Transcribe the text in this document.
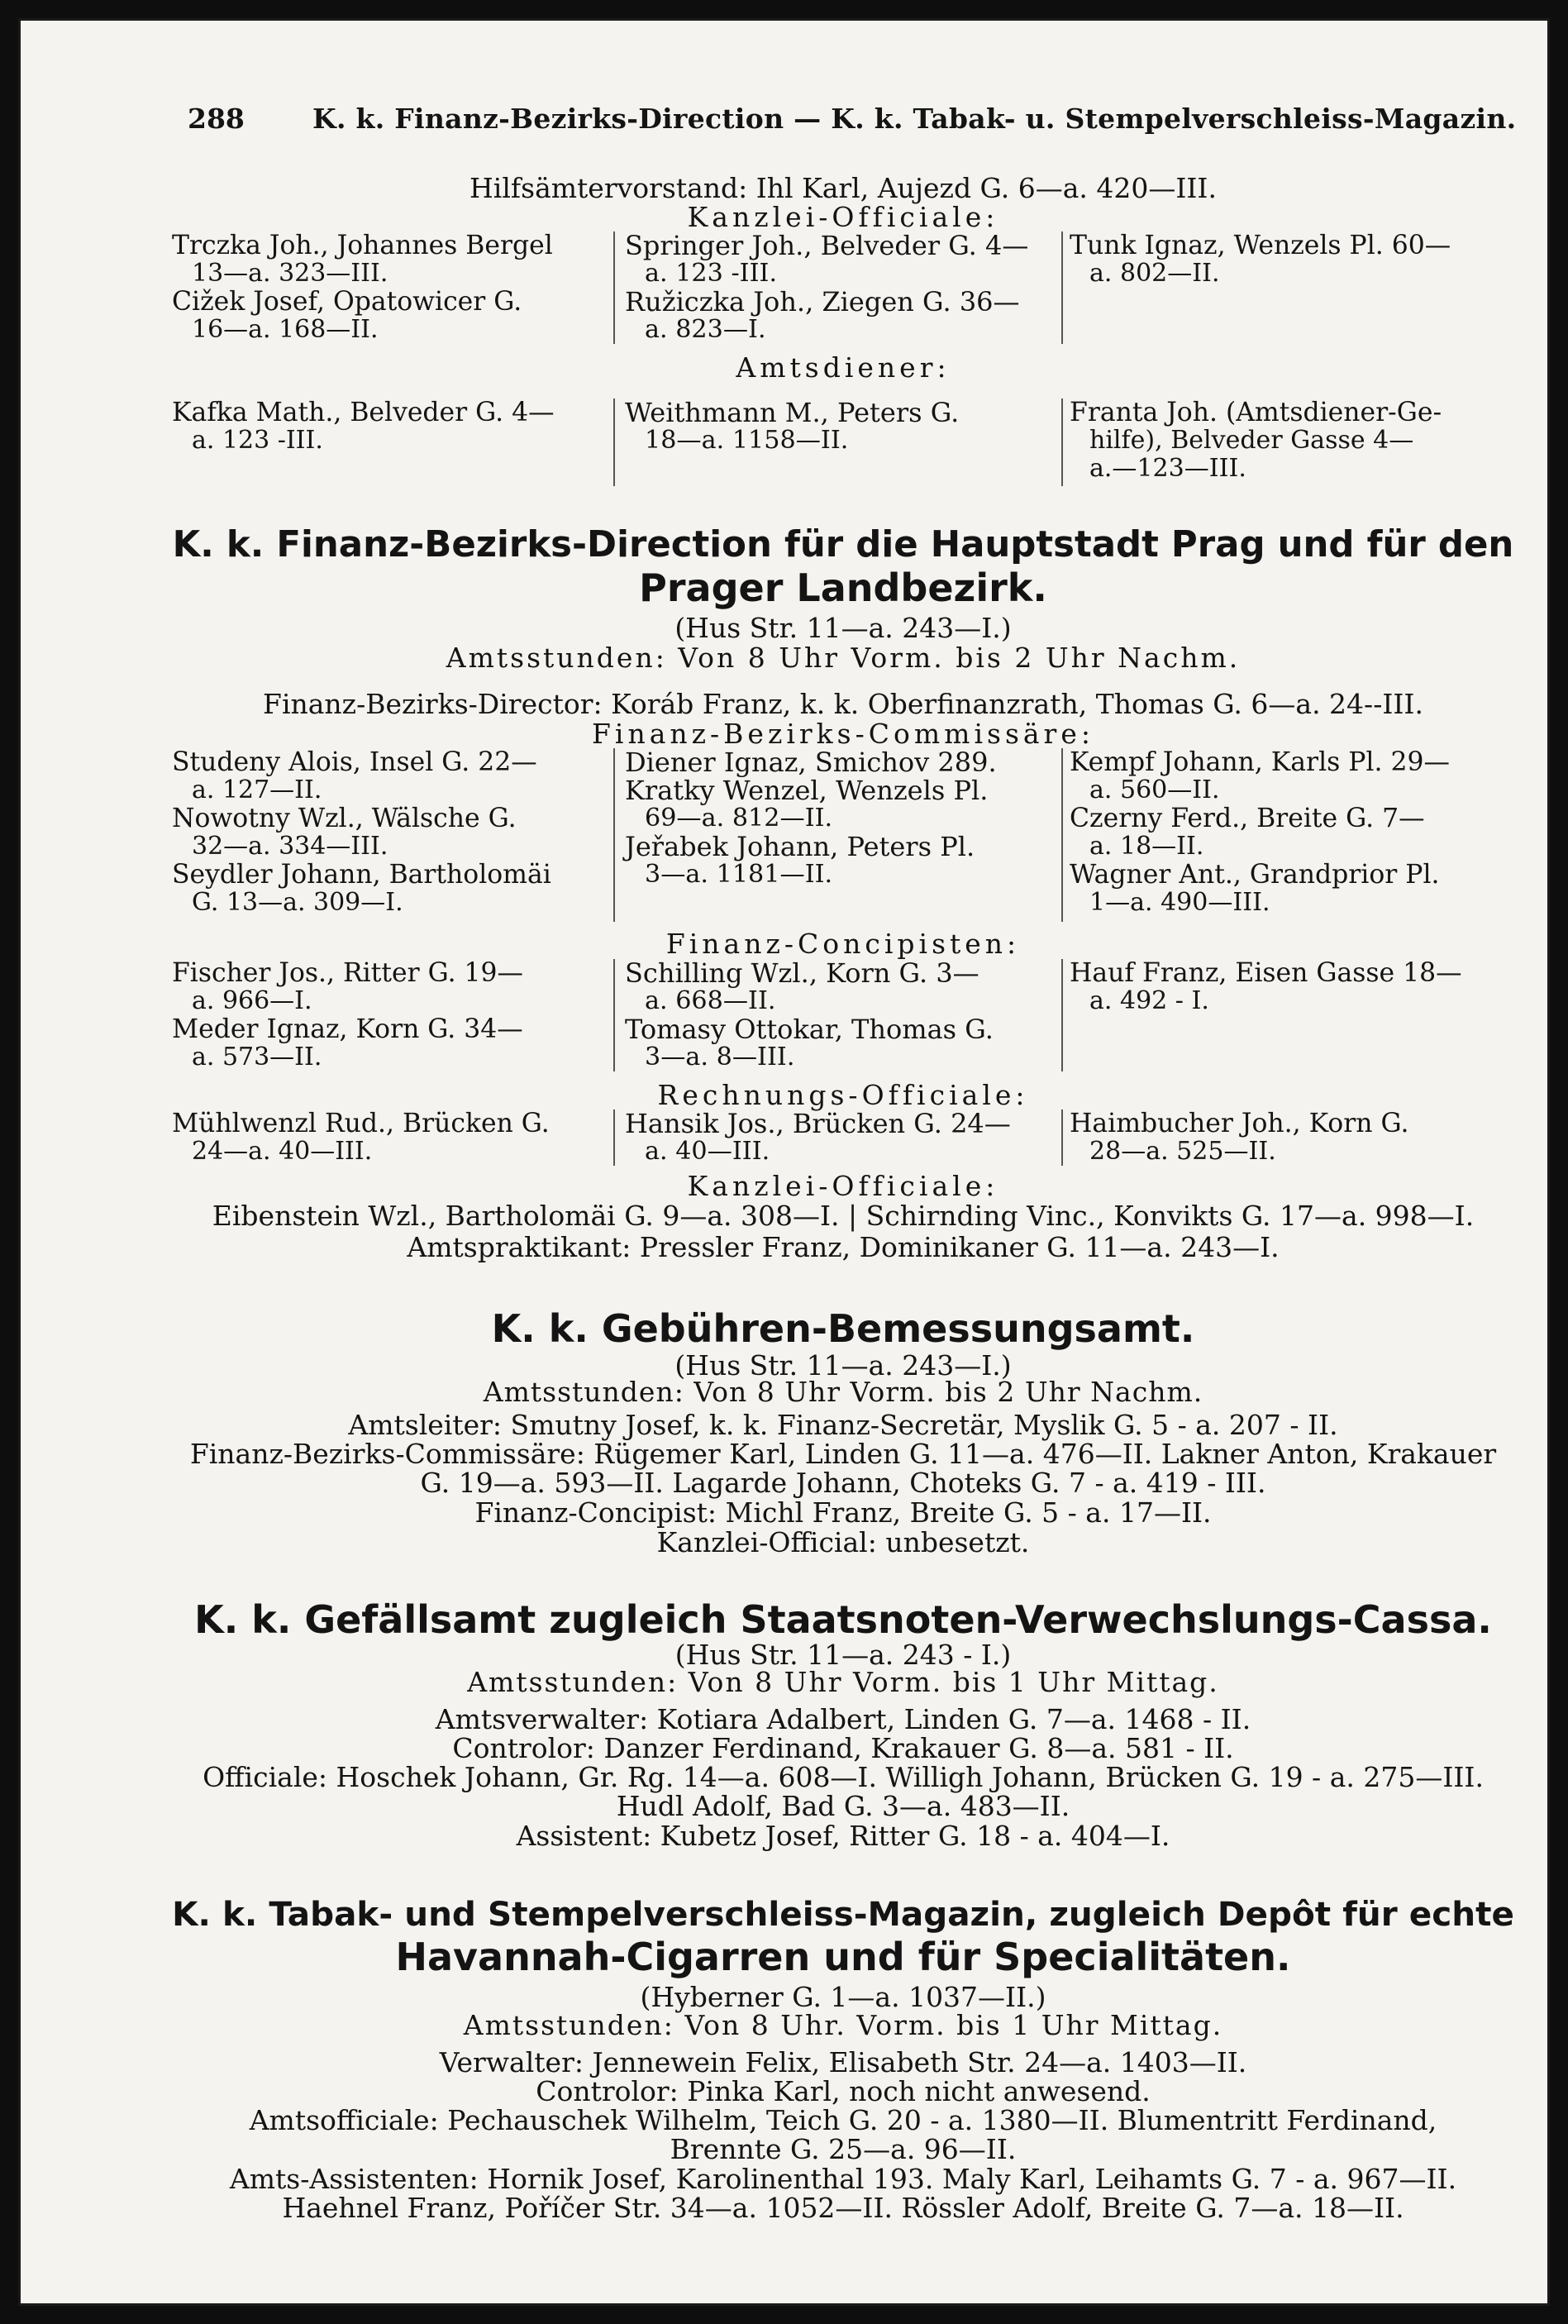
288 K. k. Finanz-Bezirks-Direction — K. k. Tabak- u. Stempelverschleiss-Magazin.
Hilfsämtervorstand: Ihl Karl, Aujezd G. 6—a. 420—III.
Kanzlei-Officiale:
Trczka Joh., Johannes Bergel
13—a. 323—III.
Cižek Josef, Opatowicer G.
16—a. 168—II.
Springer Joh., Belveder G. 4—
a. 123 -III.
Ružiczka Joh., Ziegen G. 36—
a. 823—I.
Tunk Ignaz, Wenzels Pl. 60—
a. 802—II.
Amtsdiener:
Kafka Math., Belveder G. 4—
a. 123 -III.
Weithmann M., Peters G.
18—a. 1158—II.
Franta Joh. (Amtsdiener-Ge-
hilfe), Belveder Gasse 4—
a.—123—III.
K. k. Finanz-Bezirks-Direction für die Hauptstadt Prag und für den
Prager Landbezirk.
(Hus Str. 11—a. 243—I.)
Amtsstunden: Von 8 Uhr Vorm. bis 2 Uhr Nachm.
Finanz-Bezirks-Director: Koráb Franz, k. k. Oberfinanzrath, Thomas G. 6—a. 24--III.
Finanz-Bezirks-Commissäre:
Studeny Alois, Insel G. 22—
a. 127—II.
Nowotny Wzl., Wälsche G.
32—a. 334—III.
Seydler Johann, Bartholomäi
G. 13—a. 309—I.
Diener Ignaz, Smichov 289.
Kratky Wenzel, Wenzels Pl.
69—a. 812—II.
Jeřabek Johann, Peters Pl.
3—a. 1181—II.
Kempf Johann, Karls Pl. 29—
a. 560—II.
Czerny Ferd., Breite G. 7—
a. 18—II.
Wagner Ant., Grandprior Pl.
1—a. 490—III.
Finanz-Concipisten:
Fischer Jos., Ritter G. 19—
a. 966—I.
Meder Ignaz, Korn G. 34—
a. 573—II.
Schilling Wzl., Korn G. 3—
a. 668—II.
Tomasy Ottokar, Thomas G.
3—a. 8—III.
Hauf Franz, Eisen Gasse 18—
a. 492 - I.
Rechnungs-Officiale:
Mühlwenzl Rud., Brücken G.
24—a. 40—III.
Hansik Jos., Brücken G. 24—
a. 40—III.
Haimbucher Joh., Korn G.
28—a. 525—II.
Kanzlei-Officiale:
Eibenstein Wzl., Bartholomäi G. 9—a. 308—I. | Schirnding Vinc., Konvikts G. 17—a. 998—I.
Amtspraktikant: Pressler Franz, Dominikaner G. 11—a. 243—I.
K. k. Gebühren-Bemessungsamt.
(Hus Str. 11—a. 243—I.)
Amtsstunden: Von 8 Uhr Vorm. bis 2 Uhr Nachm.
Amtsleiter: Smutny Josef, k. k. Finanz-Secretär, Myslik G. 5 - a. 207 - II.
Finanz-Bezirks-Commissäre: Rügemer Karl, Linden G. 11—a. 476—II. Lakner Anton, Krakauer
G. 19—a. 593—II. Lagarde Johann, Choteks G. 7 - a. 419 - III.
Finanz-Concipist: Michl Franz, Breite G. 5 - a. 17—II.
Kanzlei-Official: unbesetzt.
K. k. Gefällsamt zugleich Staatsnoten-Verwechslungs-Cassa.
(Hus Str. 11—a. 243 - I.)
Amtsstunden: Von 8 Uhr Vorm. bis 1 Uhr Mittag.
Amtsverwalter: Kotiara Adalbert, Linden G. 7—a. 1468 - II.
Controlor: Danzer Ferdinand, Krakauer G. 8—a. 581 - II.
Officiale: Hoschek Johann, Gr. Rg. 14—a. 608—I. Willigh Johann, Brücken G. 19 - a. 275—III.
Hudl Adolf, Bad G. 3—a. 483—II.
Assistent: Kubetz Josef, Ritter G. 18 - a. 404—I.
K. k. Tabak- und Stempelverschleiss-Magazin, zugleich Depôt für echte
Havannah-Cigarren und für Specialitäten.
(Hyberner G. 1—a. 1037—II.)
Amtsstunden: Von 8 Uhr. Vorm. bis 1 Uhr Mittag.
Verwalter: Jennewein Felix, Elisabeth Str. 24—a. 1403—II.
Controlor: Pinka Karl, noch nicht anwesend.
Amtsofficiale: Pechauschek Wilhelm, Teich G. 20 - a. 1380—II. Blumentritt Ferdinand,
Brennte G. 25—a. 96—II.
Amts-Assistenten: Hornik Josef, Karolinenthal 193. Maly Karl, Leihamts G. 7 - a. 967—II.
Haehnel Franz, Poříčer Str. 34—a. 1052—II. Rössler Adolf, Breite G. 7—a. 18—II.
